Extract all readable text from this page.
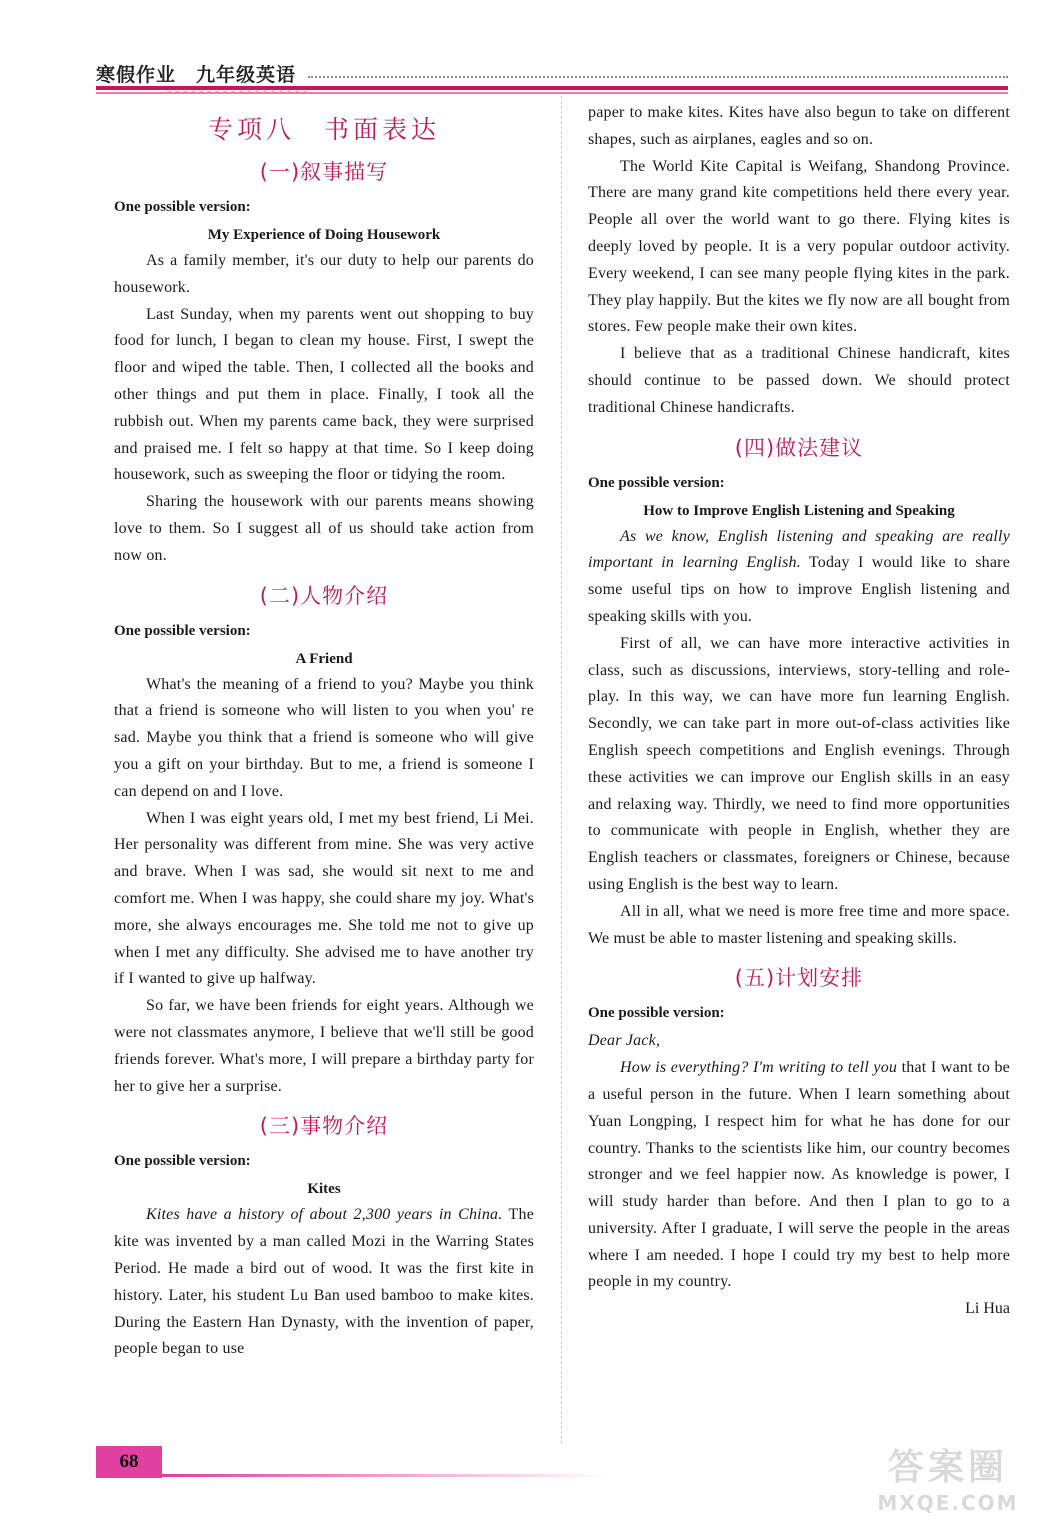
寒假作业　九年级英语
专项八　书面表达
(一)叙事描写
One possible version:
My Experience of Doing Housework

As a family member, it's our duty to help our parents do housework.

Last Sunday, when my parents went out shopping to buy food for lunch, I began to clean my house. First, I swept the floor and wiped the table. Then, I collected all the books and other things and put them in place. Finally, I took all the rubbish out. When my parents came back, they were surprised and praised me. I felt so happy at that time. So I keep doing housework, such as sweeping the floor or tidying the room.

Sharing the housework with our parents means showing love to them. So I suggest all of us should take action from now on.

(二)人物介绍
One possible version:
A Friend

What's the meaning of a friend to you? Maybe you think that a friend is someone who will listen to you when you' re sad. Maybe you think that a friend is someone who will give you a gift on your birthday. But to me, a friend is someone I can depend on and I love.

When I was eight years old, I met my best friend, Li Mei. Her personality was different from mine. She was very active and brave. When I was sad, she would sit next to me and comfort me. When I was happy, she could share my joy. What's more, she always encourages me. She told me not to give up when I met any difficulty. She advised me to have another try if I wanted to give up halfway.

So far, we have been friends for eight years. Although we were not classmates anymore, I believe that we'll still be good friends forever. What's more, I will prepare a birthday party for her to give her a surprise.

(三)事物介绍
One possible version:
Kites

Kites have a history of about 2,300 years in China. The kite was invented by a man called Mozi in the Warring States Period. He made a bird out of wood. It was the first kite in history. Later, his student Lu Ban used bamboo to make kites. During the Eastern Han Dynasty, with the invention of paper, people began to use

paper to make kites. Kites have also begun to take on different shapes, such as airplanes, eagles and so on.

The World Kite Capital is Weifang, Shandong Province. There are many grand kite competitions held there every year. People all over the world want to go there. Flying kites is deeply loved by people. It is a very popular outdoor activity. Every weekend, I can see many people flying kites in the park. They play happily. But the kites we fly now are all bought from stores. Few people make their own kites.

I believe that as a traditional Chinese handicraft, kites should continue to be passed down. We should protect traditional Chinese handicrafts.

(四)做法建议
One possible version:
How to Improve English Listening and Speaking

As we know, English listening and speaking are really important in learning English. Today I would like to share some useful tips on how to improve English listening and speaking skills with you.

First of all, we can have more interactive activities in class, such as discussions, interviews, story-telling and role-play. In this way, we can have more fun learning English. Secondly, we can take part in more out-of-class activities like English speech competitions and English evenings. Through these activities we can improve our English skills in an easy and relaxing way. Thirdly, we need to find more opportunities to communicate with people in English, whether they are English teachers or classmates, foreigners or Chinese, because using English is the best way to learn.

All in all, what we need is more free time and more space. We must be able to master listening and speaking skills.

(五)计划安排
One possible version:

Dear Jack,

How is everything? I'm writing to tell you that I want to be a useful person in the future. When I learn something about Yuan Longping, I respect him for what he has done for our country. Thanks to the scientists like him, our country becomes stronger and we feel happier now. As knowledge is power, I will study harder than before. And then I plan to go to a university. After I graduate, I will serve the people in the areas where I am needed. I hope I could try my best to help more people in my country.

Li Hua

68	答案圈
MXQE.COM
